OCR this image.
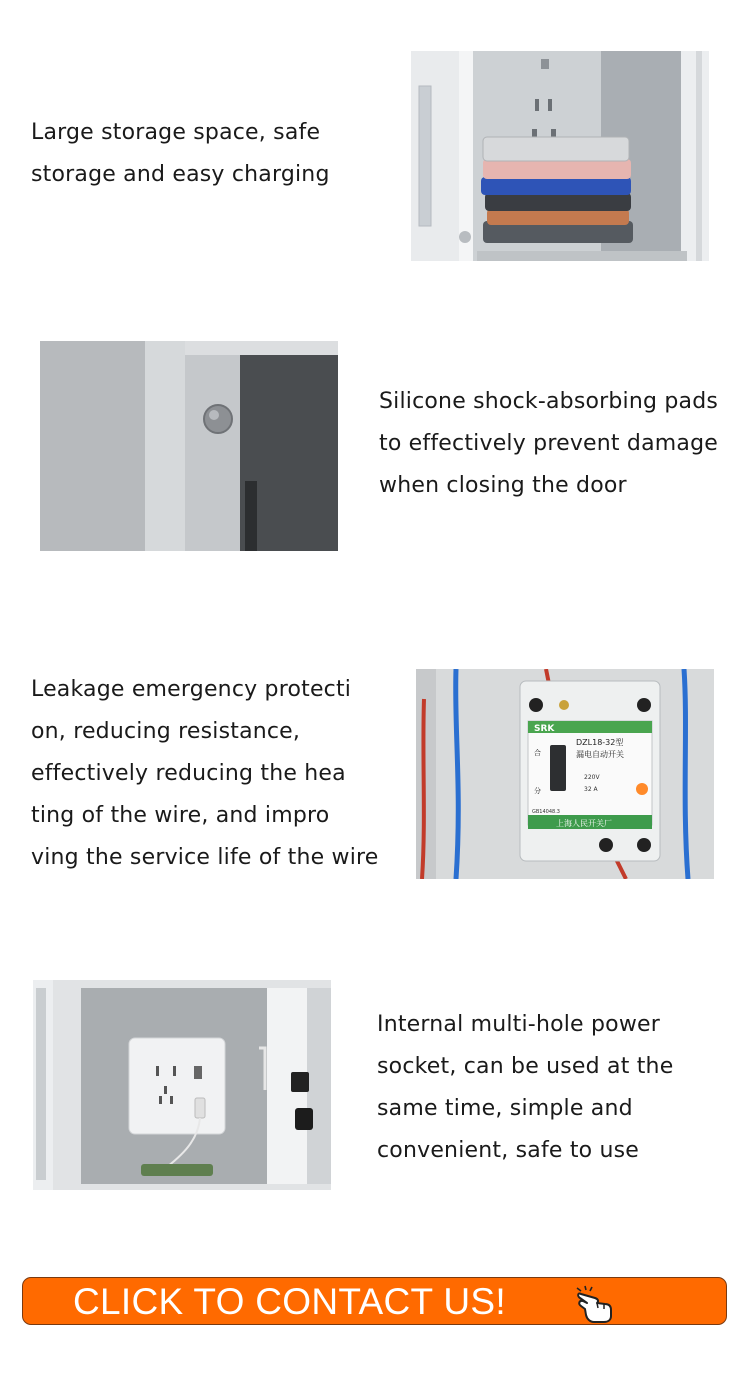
Large storage space, safe

storage and easy charging

Silicone shock-absorbing pads

to effectively prevent damage

when closing the door

Leakage emergency protecti

on, reducing resistance,

effectively reducing the hea

ting of the wire, and impro

ving the service life of the wire

SRK
DZL18-32型
漏电自动开关
220V
32 A
GB14048.3
合
分
上海人民开关厂

Internal multi-hole power

socket, can be used at the

same time, simple and

convenient, safe to use

CLICK TO CONTACT US!
